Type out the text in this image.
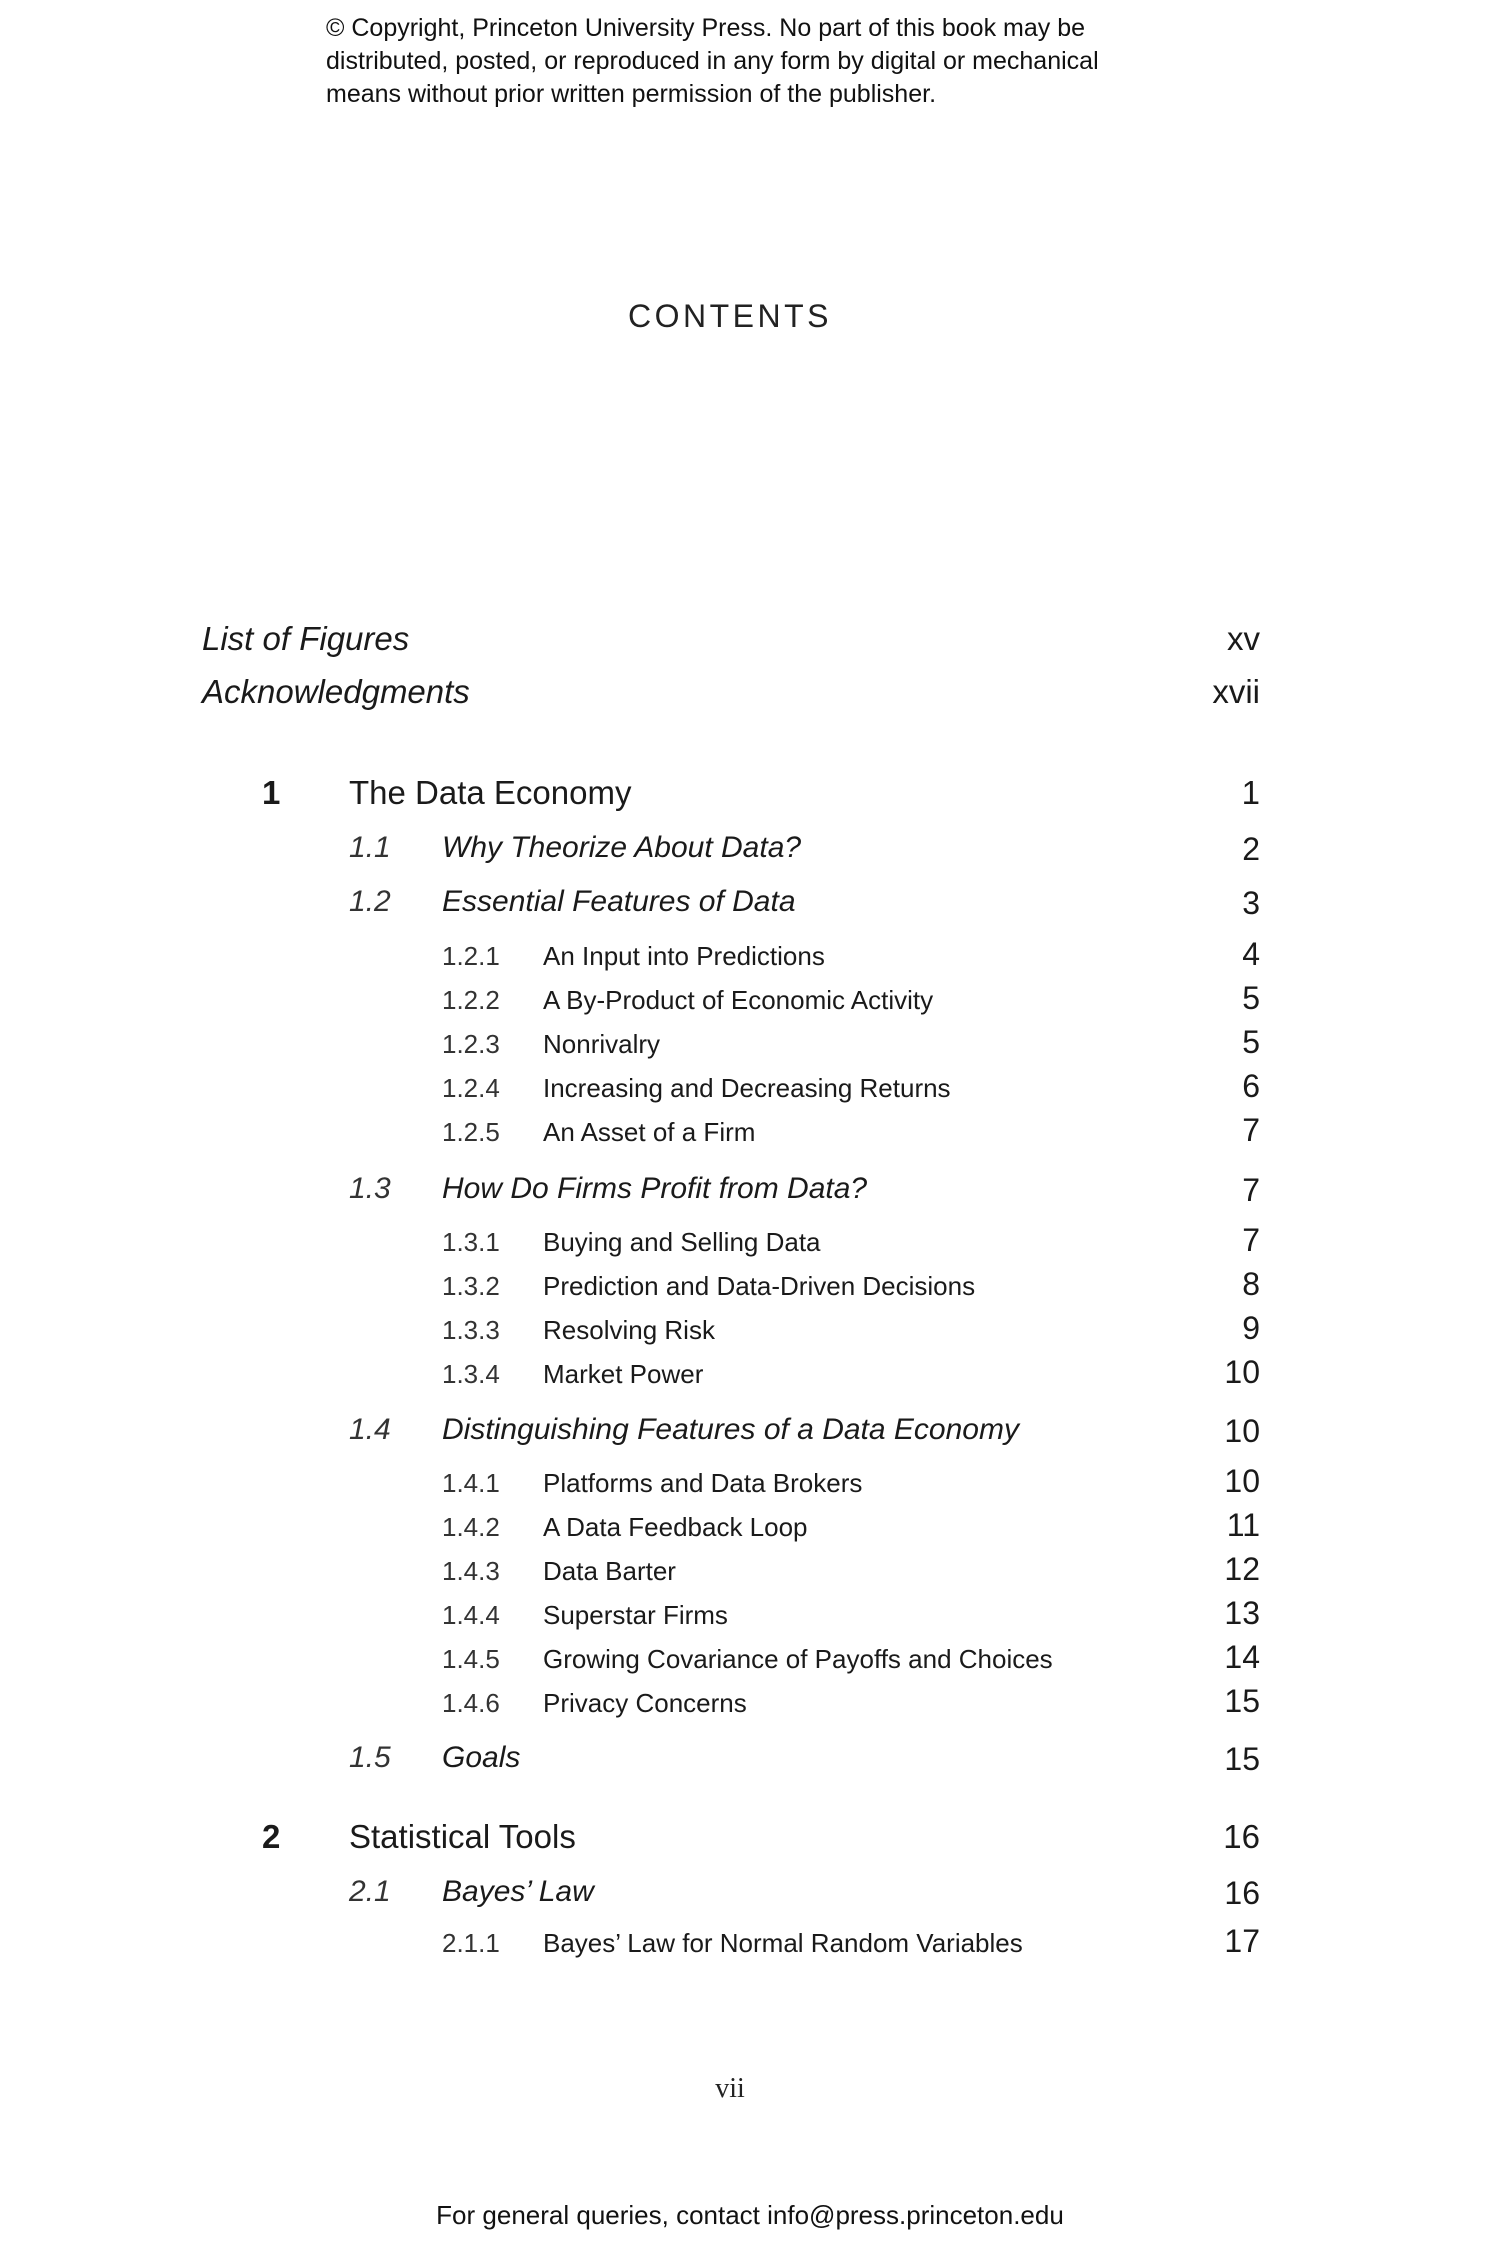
© Copyright, Princeton University Press. No part of this book may be
distributed, posted, or reproduced in any form by digital or mechanical
means without prior written permission of the publisher.
CONTENTS
List of Figures	xv
Acknowledgments	xvii
1 The Data Economy	1
1.1 Why Theorize About Data?	2
1.2 Essential Features of Data	3
1.2.1 An Input into Predictions	4
1.2.2 A By-Product of Economic Activity	5
1.2.3 Nonrivalry	5
1.2.4 Increasing and Decreasing Returns	6
1.2.5 An Asset of a Firm	7
1.3 How Do Firms Profit from Data?	7
1.3.1 Buying and Selling Data	7
1.3.2 Prediction and Data-Driven Decisions	8
1.3.3 Resolving Risk	9
1.3.4 Market Power	10
1.4 Distinguishing Features of a Data Economy	10
1.4.1 Platforms and Data Brokers	10
1.4.2 A Data Feedback Loop	11
1.4.3 Data Barter	12
1.4.4 Superstar Firms	13
1.4.5 Growing Covariance of Payoffs and Choices	14
1.4.6 Privacy Concerns	15
1.5 Goals	15
2 Statistical Tools	16
2.1 Bayes’ Law	16
2.1.1 Bayes’ Law for Normal Random Variables	17
vii
For general queries, contact info@press.princeton.edu
